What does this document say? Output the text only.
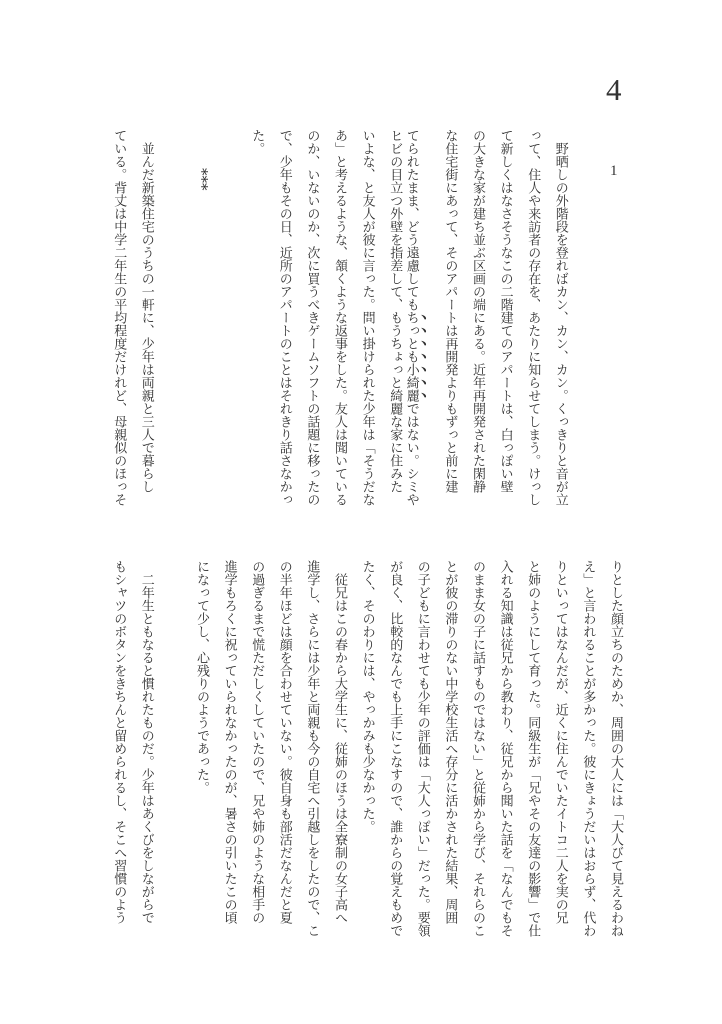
4
1
　野晒しの外階段を登ればカン、カン、カン。くっきりと音が立
って、住人や来訪者の存在を、あたりに知らせてしまう。けっし
て新しくはなさそうなこの二階建てのアパートは、白っぽい壁
の大きな家が建ち並ぶ区画の端にある。近年再開発された閑静
な住宅街にあって、そのアパートは再開発よりもずっと前に建
てられたまま、どう遠慮してもちっとも小綺麗ではない。シミや
ヒビの目立つ外壁を指差して、もうちょっと綺麗な家に住みた
いよな、と友人が彼に言った。問い掛けられた少年は「そうだな
あ」と考えるような、頷くような返事をした。友人は聞いている
のか、いないのか、次に買うべきゲームソフトの話題に移ったの
で、少年もその日、近所のアパートのことはそれきり話さなかっ
た。
***
　並んだ新築住宅のうちの一軒に、少年は両親と三人で暮らし
ている。背丈は中学二年生の平均程度だけれど、母親似のほっそ
りとした顔立ちのためか、周囲の大人には「大人びて見えるわね
え」と言われることが多かった。彼にきょうだいはおらず、代わ
りといってはなんだが、近くに住んでいたイトコ二人を実の兄
と姉のようにして育った。同級生が「兄やその友達の影響」で仕
入れる知識は従兄から教わり、従兄から聞いた話を「なんでもそ
のまま女の子に話すものではない」と従姉から学び、それらのこ
とが彼の滞りのない中学校生活へ存分に活かされた結果、周囲
の子どもに言わせても少年の評価は「大人っぽい」だった。要領
が良く、比較的なんでも上手にこなすので、誰からの覚えもめで
たく、そのわりには、やっかみも少なかった。
　従兄はこの春から大学生に、従姉のほうは全寮制の女子高へ
進学し、さらには少年と両親も今の自宅へ引越しをしたので、こ
の半年ほどは顔を合わせていない。彼自身も部活だなんだと夏
の過ぎるまで慌ただしくしていたので、兄や姉のような相手の
進学もろくに祝っていられなかったのが、暑さの引いたこの頃
になって少し、心残りのようであった。
　二年生ともなると慣れたものだ。少年はあくびをしながらで
もシャツのボタンをきちんと留められるし、そこへ習慣のよう
